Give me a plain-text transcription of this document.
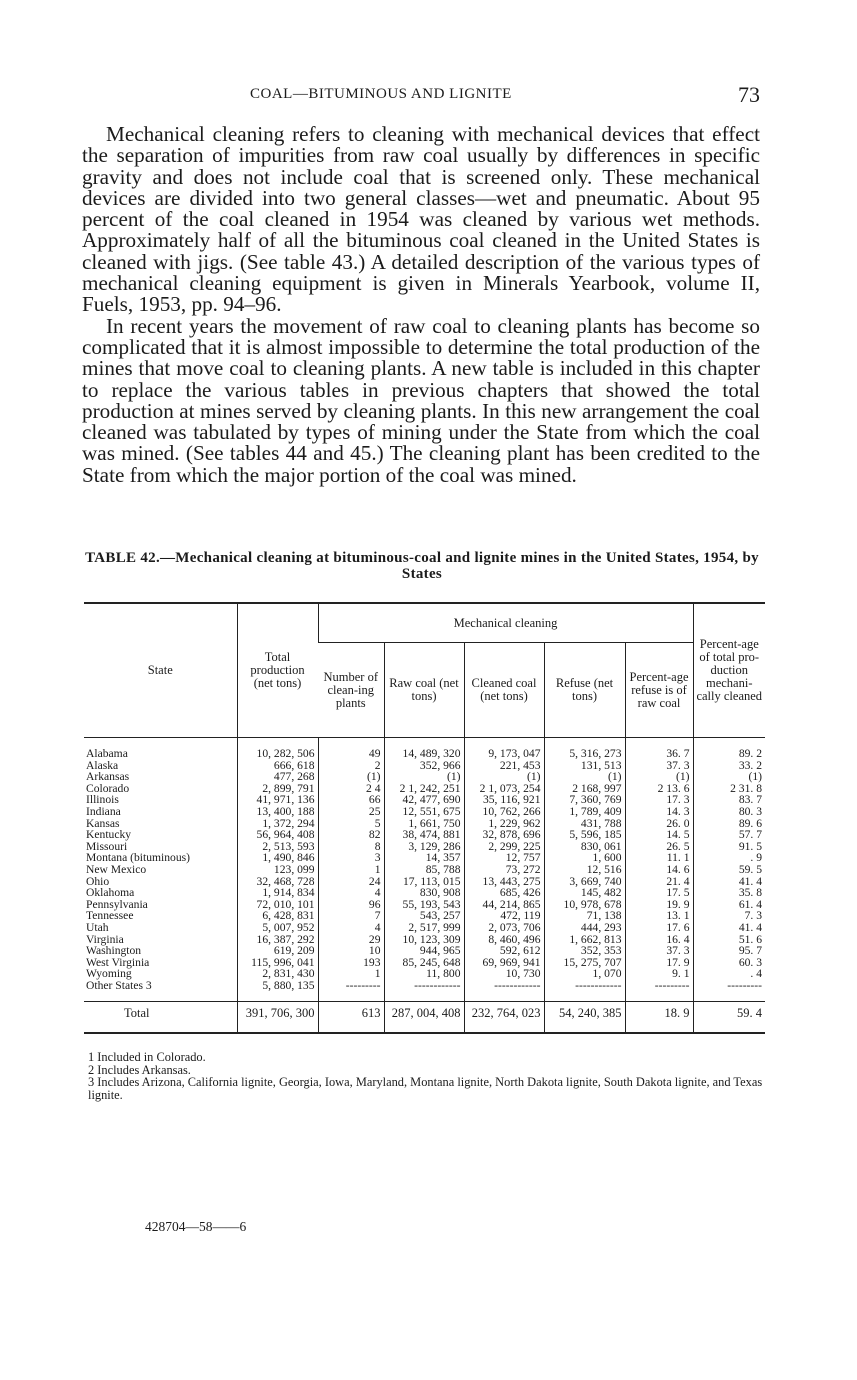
COAL—BITUMINOUS AND LIGNITE	73

Mechanical cleaning refers to cleaning with mechanical devices that effect the separation of impurities from raw coal usually by differences in specific gravity and does not include coal that is screened only. These mechanical devices are divided into two general classes—wet and pneumatic. About 95 percent of the coal cleaned in 1954 was cleaned by various wet methods. Approximately half of all the bituminous coal cleaned in the United States is cleaned with jigs. (See table 43.) A detailed description of the various types of mechanical cleaning equipment is given in Minerals Yearbook, volume II, Fuels, 1953, pp. 94–96.

In recent years the movement of raw coal to cleaning plants has become so complicated that it is almost impossible to determine the total production of the mines that move coal to cleaning plants. A new table is included in this chapter to replace the various tables in previous chapters that showed the total production at mines served by cleaning plants. In this new arrangement the coal cleaned was tabulated by types of mining under the State from which the coal was mined. (See tables 44 and 45.) The cleaning plant has been credited to the State from which the major portion of the coal was mined.

TABLE 42.—Mechanical cleaning at bituminous-coal and lignite mines in the United States, 1954, by States
State	Total production (net tons)	Mechanical cleaning					Percent-age of total pro-duction mechani-cally cleaned
		Number of clean-ing plants	Raw coal (net tons)	Cleaned coal (net tons)	Refuse (net tons)	Percent-age refuse is of raw coal	

Alabama	10, 282, 506	49	14, 489, 320	9, 173, 047	5, 316, 273	36. 7	89. 2
Alaska	666, 618	2	352, 966	221, 453	131, 513	37. 3	33. 2
Arkansas	477, 268	(1)	(1)	(1)	(1)	(1)	(1)
Colorado	2, 899, 791	2 4	2 1, 242, 251	2 1, 073, 254	2 168, 997	2 13. 6	2 31. 8
Illinois	41, 971, 136	66	42, 477, 690	35, 116, 921	7, 360, 769	17. 3	83. 7
Indiana	13, 400, 188	25	12, 551, 675	10, 762, 266	1, 789, 409	14. 3	80. 3
Kansas	1, 372, 294	5	1, 661, 750	1, 229, 962	431, 788	26. 0	89. 6
Kentucky	56, 964, 408	82	38, 474, 881	32, 878, 696	5, 596, 185	14. 5	57. 7
Missouri	2, 513, 593	8	3, 129, 286	2, 299, 225	830, 061	26. 5	91. 5
Montana (bituminous)	1, 490, 846	3	14, 357	12, 757	1, 600	11. 1	. 9
New Mexico	123, 099	1	85, 788	73, 272	12, 516	14. 6	59. 5
Ohio	32, 468, 728	24	17, 113, 015	13, 443, 275	3, 669, 740	21. 4	41. 4
Oklahoma	1, 914, 834	4	830, 908	685, 426	145, 482	17. 5	35. 8
Pennsylvania	72, 010, 101	96	55, 193, 543	44, 214, 865	10, 978, 678	19. 9	61. 4
Tennessee	6, 428, 831	7	543, 257	472, 119	71, 138	13. 1	7. 3
Utah	5, 007, 952	4	2, 517, 999	2, 073, 706	444, 293	17. 6	41. 4
Virginia	16, 387, 292	29	10, 123, 309	8, 460, 496	1, 662, 813	16. 4	51. 6
Washington	619, 209	10	944, 965	592, 612	352, 353	37. 3	95. 7
West Virginia	115, 996, 041	193	85, 245, 648	69, 969, 941	15, 275, 707	17. 9	60. 3
Wyoming	2, 831, 430	1	11, 800	10, 730	1, 070	9. 1	. 4
Other States 3	5, 880, 135	---------	------------	------------	------------	---------	---------

Total	391, 706, 300	613	287, 004, 408	232, 764, 023	54, 240, 385	18. 9	59. 4
1 Included in Colorado.
2 Includes Arkansas.
3 Includes Arizona, California lignite, Georgia, Iowa, Maryland, Montana lignite, North Dakota lignite, South Dakota lignite, and Texas lignite.
428704—58——6
